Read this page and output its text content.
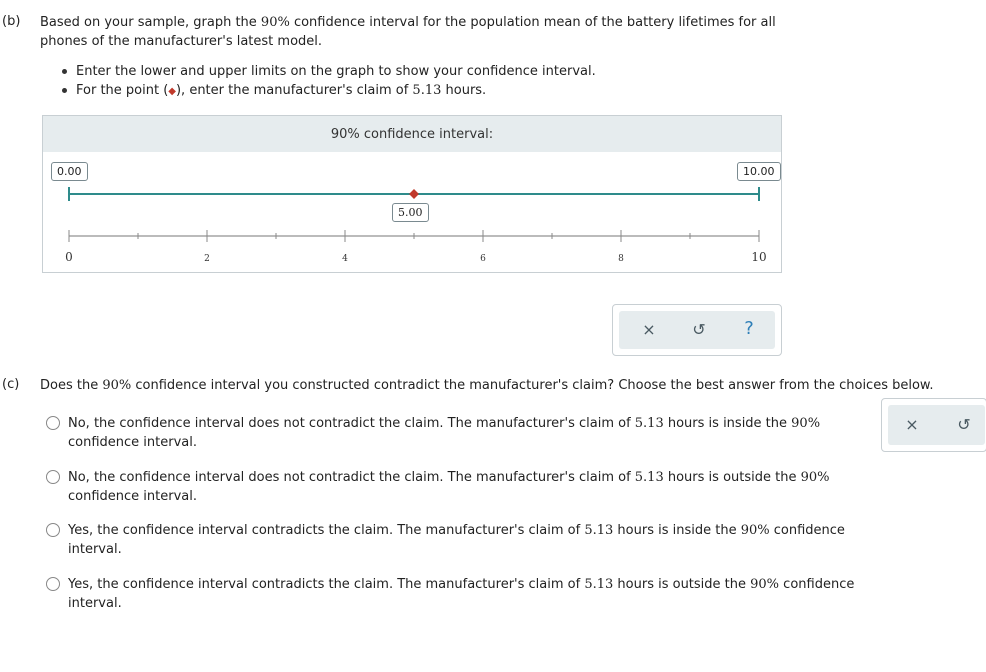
(b) Based on your sample, graph the 90% confidence interval for the population mean of the battery lifetimes for all
phones of the manufacturer's latest model.
Enter the lower and upper limits on the graph to show your confidence interval.
For the point (◆), enter the manufacturer's claim of 5.13 hours.
90% confidence interval:
0	2	4	6	8	10
0.00	10.00
5.00
×	↺	?
(c) Does the 90% confidence interval you constructed contradict the manufacturer's claim? Choose the best answer from the choices below.
No, the confidence interval does not contradict the claim. The manufacturer's claim of 5.13 hours is inside the 90%
confidence interval.
No, the confidence interval does not contradict the claim. The manufacturer's claim of 5.13 hours is outside the 90%
confidence interval.
Yes, the confidence interval contradicts the claim. The manufacturer's claim of 5.13 hours is inside the 90% confidence
interval.
Yes, the confidence interval contradicts the claim. The manufacturer's claim of 5.13 hours is outside the 90% confidence
interval.
×	↺
